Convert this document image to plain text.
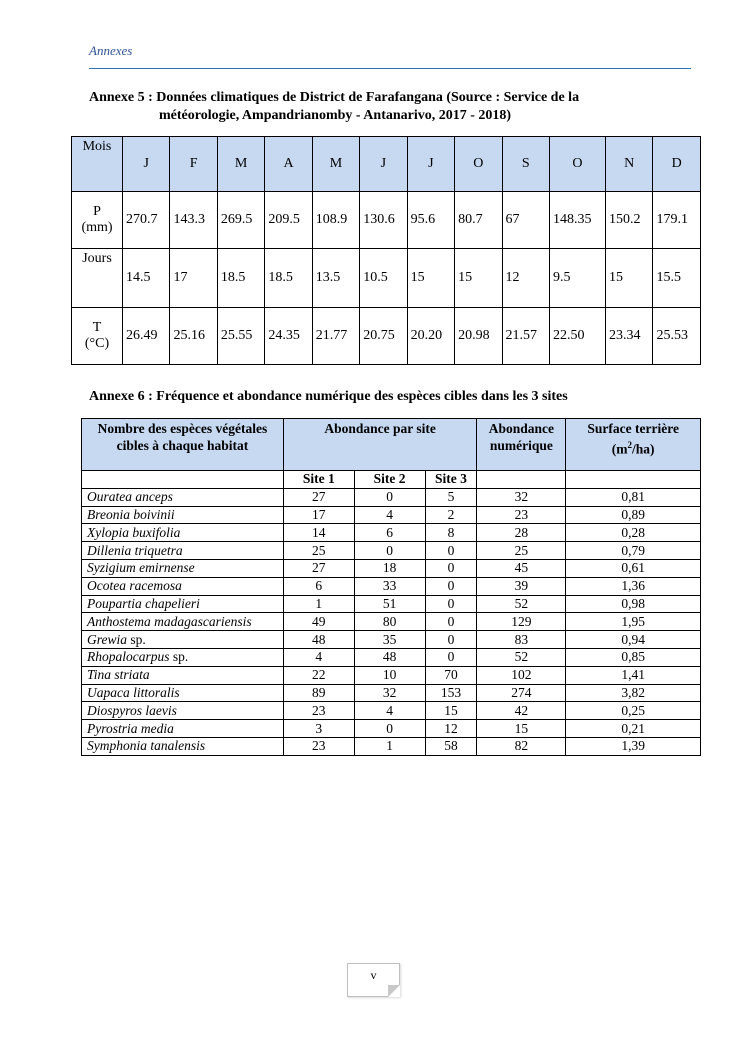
Annexes
Annexe 5 : Données climatiques de District de Farafangana (Source : Service de la
météorologie, Ampandrianomby - Antanarivo, 2017 - 2018)
Mois	J	F	M	A	M	J	J	O	S	O	N	D
P
(mm)	270.7	143.3	269.5	209.5	108.9	130.6	95.6	80.7	67	148.35	150.2	179.1
Jours	14.5	17	18.5	18.5	13.5	10.5	15	15	12	9.5	15	15.5
T
(°C)	26.49	25.16	25.55	24.35	21.77	20.75	20.20	20.98	21.57	22.50	23.34	25.53
Annexe 6 : Fréquence et abondance numérique des espèces cibles dans les 3 sites
Nombre des espèces végétales cibles à chaque habitat	Abondance par site			Abondance numérique	Surface terrière
$(m^2/ha)$
	Site 1	Site 2	Site 3		
Ouratea anceps	27	0	5	32	0,81
Breonia boivinii	17	4	2	23	0,89
Xylopia buxifolia	14	6	8	28	0,28
Dillenia triquetra	25	0	0	25	0,79
Syzigium emirnense	27	18	0	45	0,61
Ocotea racemosa	6	33	0	39	1,36
Poupartia chapelieri	1	51	0	52	0,98
Anthostema madagascariensis	49	80	0	129	1,95
Grewia sp.	48	35	0	83	0,94
Rhopalocarpus sp.	4	48	0	52	0,85
Tina striata	22	10	70	102	1,41
Uapaca littoralis	89	32	153	274	3,82
Diospyros laevis	23	4	15	42	0,25
Pyrostria media	3	0	12	15	0,21
Symphonia tanalensis	23	1	58	82	1,39
v
